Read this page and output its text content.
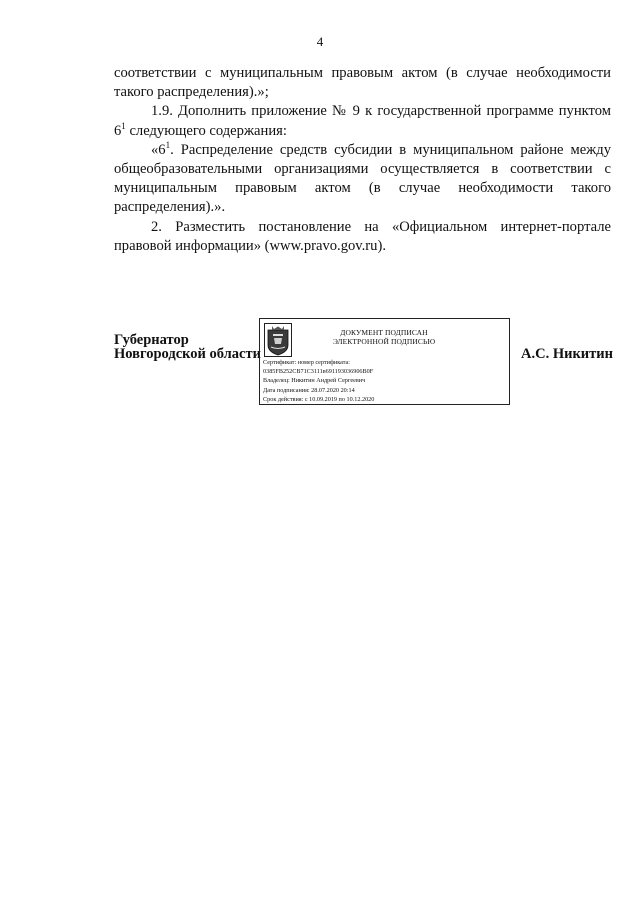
4

соответствии с муниципальным правовым актом (в случае необходимости такого распределения).»;

1.9. Дополнить приложение № 9 к государственной программе пунктом $6^1$ следующего содержания:

«$6^1$. Распределение средств субсидии в муниципальном районе между общеобразовательными организациями осуществляется в соответствии с муниципальным правовым актом (в случае необходимости такого распределения).».

2. Разместить постановление на «Официальном интернет-портале правовой информации» (www.pravo.gov.ru).

Губернатор
Новгородской области
ДОКУМЕНТ ПОДПИСАН
ЭЛЕКТРОННОЙ ПОДПИСЬЮ
Сертификат: номер сертификата:
0385FB252CB71C3111в691193036906B0F
Владелец: Никитин Андрей Сергеевич
Дата подписания: 28.07.2020 20:14
Срок действия: с 10.09.2019 по 10.12.2020
А.С. Никитин
